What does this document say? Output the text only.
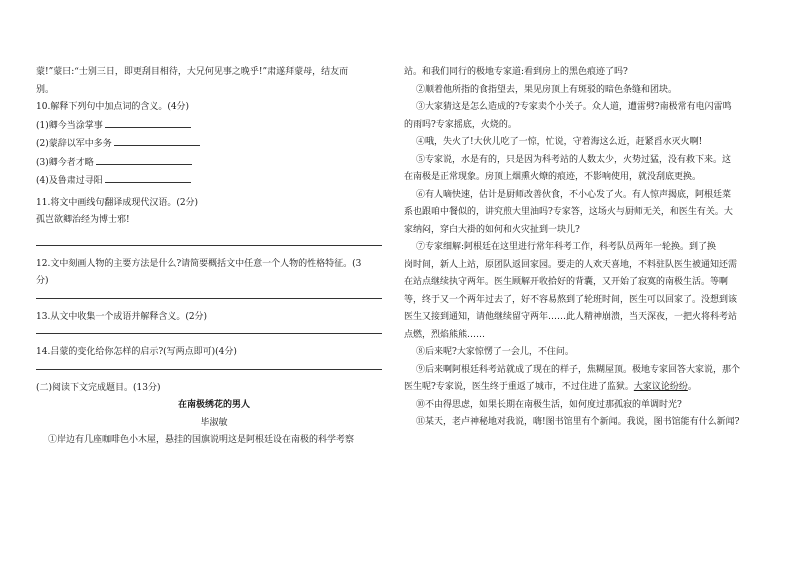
蒙!”蒙曰:“士别三日，即更刮目相待，大兄何见事之晚乎!”肃遂拜蒙母，结友而
别。
10.解释下列句中加点词的含义。(4分)
(1)卿今当涂掌事
(2)蒙辞以军中多务
(3)卿今者才略
(4)及鲁肃过寻阳
11.将文中画线句翻译成现代汉语。(2分)
孤岂欲卿治经为博士邪!
12.文中刻画人物的主要方法是什么?请简要概括文中任意一个人物的性格特征。(3
分)
13.从文中收集一个成语并解释含义。(2分)
14.吕蒙的变化给你怎样的启示?(写两点即可)(4分)
(二)阅读下文完成题目。(13分)
在南极绣花的男人
毕淑敏
①岸边有几座咖啡色小木屋，悬挂的国旗说明这是阿根廷设在南极的科学考察
站。和我们同行的极地专家道:看到房上的黑色痕迹了吗?
②顺着他所指的食指望去，果见房顶上有斑驳的暗色条缝和团块。
③大家猜这是怎么造成的?专家卖个小关子。众人道，遭雷劈?南极常有电闪雷鸣
的雨吗?专家摇底，火烧的。
④哦，失火了!大伙儿吃了一惊，忙说，守着海这么近，赶紧舀水灭火啊!
⑤专家说，水是有的，只是因为科考站的人数太少，火势过猛，没有救下来。这
在南极是正常现象。房顶上烟熏火燎的痕迹，不影响使用，就没刮底更换。
⑥有人嘀快速，估计是厨师改善伙食，不小心发了火。有人惊声揭底，阿根廷菜
系也跟咱中餐似的，讲究煎大里油吗?专家答，这场火与厨师无关，和医生有关。大
家纳闷，穿白大褂的如何和火灾扯到一块儿?
⑦专家细解:阿根廷在这里进行常年科考工作，科考队员两年一轮换。到了换
岗时间，新人上站，原团队返回家园。要走的人欢天喜地，不料驻队医生被通知还需
在站点继续执守两年。医生顾解开收拾好的背囊，又开始了寂寞的南极生活。等啊
等，终于又一个两年过去了，好不容易熬到了轮班时间，医生可以回家了。没想到该
医生又接到通知，请他继续留守两年……此人精神崩溃，当天深夜，一把火将科考站
点燃，烈焰熊熊……
⑧后来呢?大家惊愣了一会儿，不住问。
⑨后来啊阿根廷科考站就成了现在的样子，焦糊屋顶。极地专家回答大家说，那个
医生呢?专家说，医生终于重返了城市，不过住进了监狱。大家议论纷纷。
⑩不由得思虑，如果长期在南极生活，如何度过那孤寂的单调时光?
⑪某天，老卢神秘地对我说，嗨!图书馆里有个新闻。我说，图书馆能有什么新闻?
